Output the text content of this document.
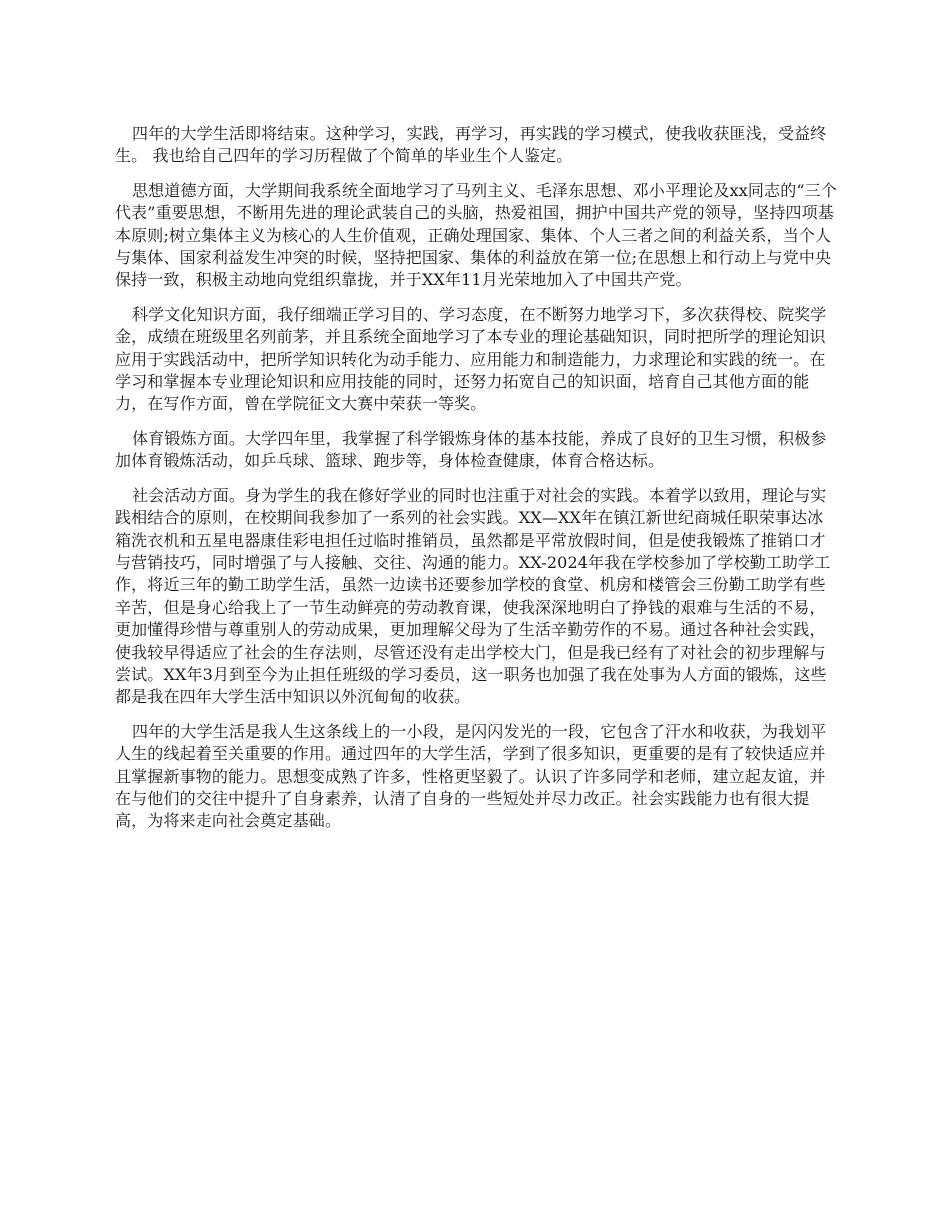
四年的大学生活即将结束。这种学习，实践，再学习，再实践的学习模式，使我收获匪浅，受益终生。 我也给自己四年的学习历程做了个简单的毕业生个人鉴定。

思想道德方面，大学期间我系统全面地学习了马列主义、毛泽东思想、邓小平理论及xx同志的“三个代表”重要思想，不断用先进的理论武装自己的头脑，热爱祖国，拥护中国共产党的领导，坚持四项基本原则;树立集体主义为核心的人生价值观，正确处理国家、集体、个人三者之间的利益关系，当个人与集体、国家利益发生冲突的时候，坚持把国家、集体的利益放在第一位;在思想上和行动上与党中央保持一致，积极主动地向党组织靠拢，并于XX年11月光荣地加入了中国共产党。

科学文化知识方面，我仔细端正学习目的、学习态度，在不断努力地学习下，多次获得校、院奖学金，成绩在班级里名列前茅，并且系统全面地学习了本专业的理论基础知识，同时把所学的理论知识应用于实践活动中，把所学知识转化为动手能力、应用能力和制造能力，力求理论和实践的统一。在学习和掌握本专业理论知识和应用技能的同时，还努力拓宽自己的知识面，培育自己其他方面的能力，在写作方面，曾在学院征文大赛中荣获一等奖。

体育锻炼方面。大学四年里，我掌握了科学锻炼身体的基本技能，养成了良好的卫生习惯，积极参加体育锻炼活动，如乒乓球、篮球、跑步等，身体检查健康，体育合格达标。

社会活动方面。身为学生的我在修好学业的同时也注重于对社会的实践。本着学以致用，理论与实践相结合的原则，在校期间我参加了一系列的社会实践。XX—XX年在镇江新世纪商城任职荣事达冰箱洗衣机和五星电器康佳彩电担任过临时推销员，虽然都是平常放假时间，但是使我锻炼了推销口才与营销技巧，同时增强了与人接触、交往、沟通的能力。XX-2024年我在学校参加了学校勤工助学工作，将近三年的勤工助学生活，虽然一边读书还要参加学校的食堂、机房和楼管会三份勤工助学有些辛苦，但是身心给我上了一节生动鲜亮的劳动教育课，使我深深地明白了挣钱的艰难与生活的不易，更加懂得珍惜与尊重别人的劳动成果，更加理解父母为了生活辛勤劳作的不易。通过各种社会实践，使我较早得适应了社会的生存法则，尽管还没有走出学校大门，但是我已经有了对社会的初步理解与尝试。XX年3月到至今为止担任班级的学习委员，这一职务也加强了我在处事为人方面的锻炼，这些都是我在四年大学生活中知识以外沉甸甸的收获。

四年的大学生活是我人生这条线上的一小段，是闪闪发光的一段，它包含了汗水和收获，为我划平人生的线起着至关重要的作用。通过四年的大学生活，学到了很多知识，更重要的是有了较快适应并且掌握新事物的能力。思想变成熟了许多，性格更坚毅了。认识了许多同学和老师，建立起友谊，并在与他们的交往中提升了自身素养，认清了自身的一些短处并尽力改正。社会实践能力也有很大提高，为将来走向社会奠定基础。
